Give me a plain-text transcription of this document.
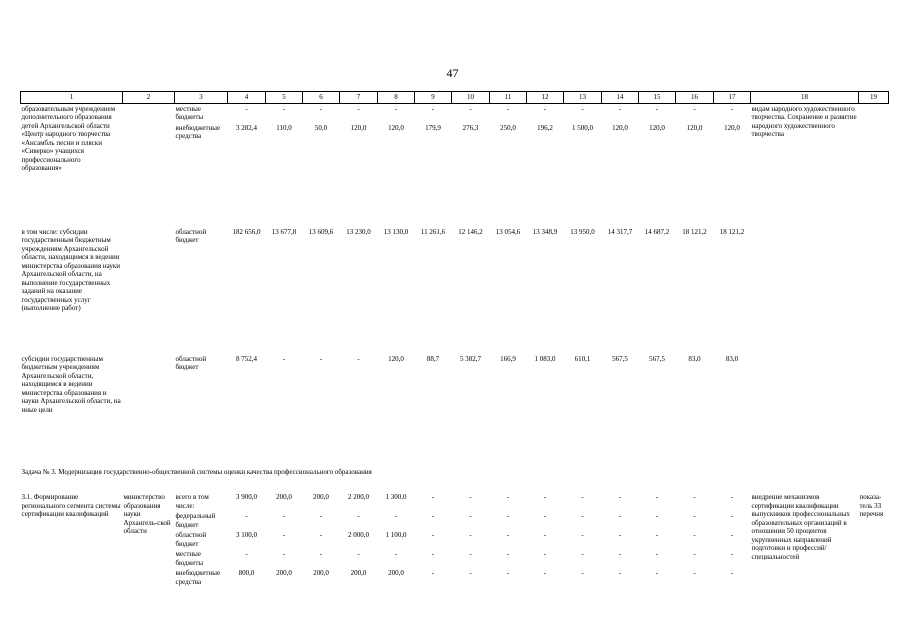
47
1	2	3	4	5	6	7	8	9	10	11	12	13	14	15	16	17	18	19
образовательным учреждением дополнительного образования детей Архангельской области «Центр народного творчества «Ансамбль песни и пляски «Сиверко» учащихся профессионального образования»		местные бюджеты	-	-	-	-	-	-	-	-	-	-	-	-	-	-	видам народного художественного творчества. Сохранение и развитие народного художественного творчества	
		внебюджетные средства	3 282,4	110,0	50,0	120,0	120,0	179,9	276,3	250,0	196,2	1 500,0	120,0	120,0	120,0	120,0		
в том числе: субсидии государственным бюджетным учреждениям Архангельской области, находящимся в ведении министерства образования науки Архангельской области, на выполнение государственных заданий на оказание государственных услуг (выполнение работ)		областной бюджет	182 656,0	13 677,8	13 609,6	13 230,0	13 130,0	11 261,6	12 146,2	13 054,6	13 348,9	13 950,0	14 317,7	14 687,2	18 121,2	18 121,2		
субсидии государственным бюджетным учреждениям Архангельской области, находящимся в ведении министерства образования и науки Архангельской области, на иные цели		областной бюджет	8 752,4	-	-	-	120,0	88,7	5 382,7	166,9	1 083,0	610,1	567,5	567,5	83,0	83,0		
Задача № 3. Модернизация государственно-общественной системы оценки качества профессионального образования																		
3.1. Формирование регионального сегмента системы сертификации квалификаций	министерство образования науки Архангель-ской области	всего в том числе:	3 900,0	200,0	200,0	2 200,0	1 300,0	-	-	-	-	-	-	-	-	-	внедрение механизмов сертификации квалификации выпускников профессиональных образовательных организаций в отношении 50 процентов укрупненных направлений подготовки и профессий/специальностей	показа-тель 33 перечня
		федеральный бюджет	-	-	-	-	-	-	-	-	-	-	-	-	-	-		
		областной бюджет	3 100,0	-	-	2 000,0	1 100,0	-	-	-	-	-	-	-	-	-		
		местные бюджеты	-	-	-	-	-	-	-	-	-	-	-	-	-	-		
		внебюджетные средства	800,0	200,0	200,0	200,0	200,0	-	-	-	-	-	-	-	-	-		
